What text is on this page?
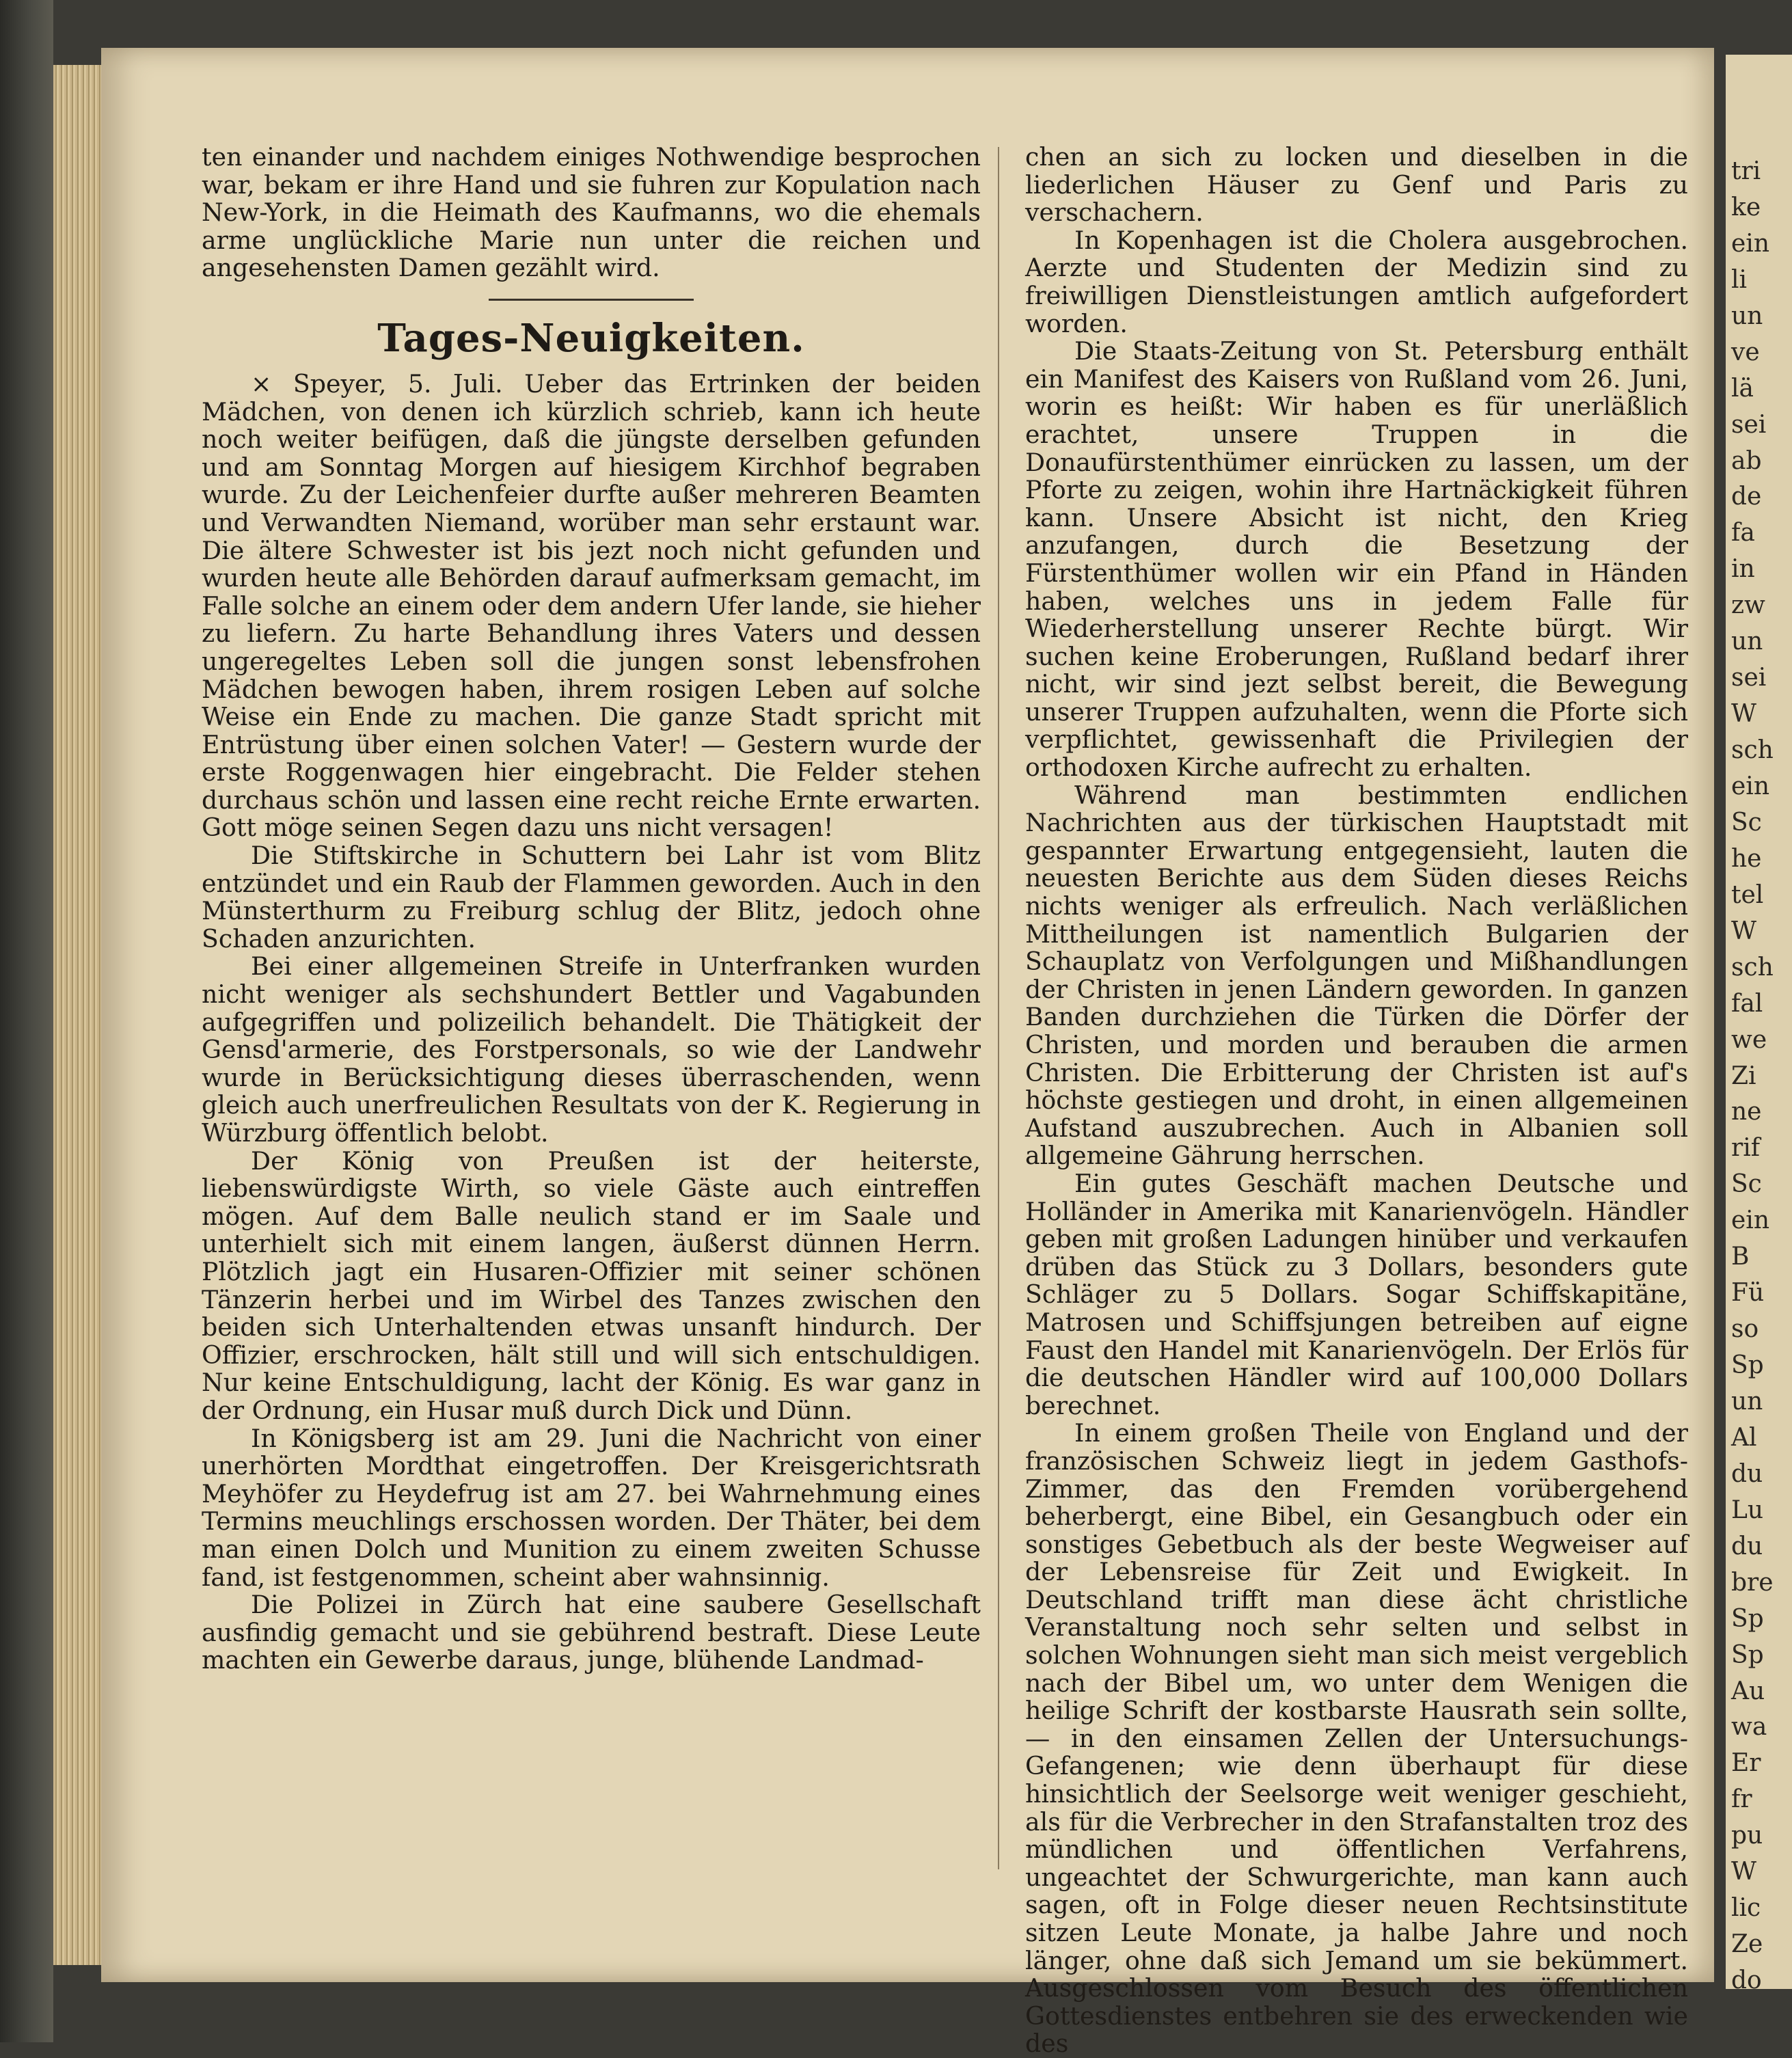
ten einander und nachdem einiges Nothwendige besprochen war, bekam er ihre Hand und sie fuhren zur Kopulation nach New-York, in die Heimath des Kaufmanns, wo die ehemals arme unglückliche Marie nun unter die reichen und angesehensten Damen gezählt wird.

Tages-Neuigkeiten.

× Speyer, 5. Juli. Ueber das Ertrinken der beiden Mädchen, von denen ich kürzlich schrieb, kann ich heute noch weiter beifügen, daß die jüngste derselben gefunden und am Sonntag Morgen auf hiesigem Kirchhof begraben wurde. Zu der Leichenfeier durfte außer mehreren Beamten und Verwandten Niemand, worüber man sehr erstaunt war. Die ältere Schwester ist bis jezt noch nicht gefunden und wurden heute alle Behörden darauf aufmerksam gemacht, im Falle solche an einem oder dem andern Ufer lande, sie hieher zu liefern. Zu harte Behandlung ihres Vaters und dessen ungeregeltes Leben soll die jungen sonst lebensfrohen Mädchen bewogen haben, ihrem rosigen Leben auf solche Weise ein Ende zu machen. Die ganze Stadt spricht mit Entrüstung über einen solchen Vater! — Gestern wurde der erste Roggenwagen hier eingebracht. Die Felder stehen durchaus schön und lassen eine recht reiche Ernte erwarten. Gott möge seinen Segen dazu uns nicht versagen!

Die Stiftskirche in Schuttern bei Lahr ist vom Blitz entzündet und ein Raub der Flammen geworden. Auch in den Münsterthurm zu Freiburg schlug der Blitz, jedoch ohne Schaden anzurichten.

Bei einer allgemeinen Streife in Unterfranken wurden nicht weniger als sechshundert Bettler und Vagabunden aufgegriffen und polizeilich behandelt. Die Thätigkeit der Gensd'armerie, des Forstpersonals, so wie der Landwehr wurde in Berücksichtigung dieses überraschenden, wenn gleich auch unerfreulichen Resultats von der K. Regierung in Würzburg öffentlich belobt.

Der König von Preußen ist der heiterste, liebenswürdigste Wirth, so viele Gäste auch eintreffen mögen. Auf dem Balle neulich stand er im Saale und unterhielt sich mit einem langen, äußerst dünnen Herrn. Plötzlich jagt ein Husaren-Offizier mit seiner schönen Tänzerin herbei und im Wirbel des Tanzes zwischen den beiden sich Unterhaltenden etwas unsanft hindurch. Der Offizier, erschrocken, hält still und will sich entschuldigen. Nur keine Entschuldigung, lacht der König. Es war ganz in der Ordnung, ein Husar muß durch Dick und Dünn.

In Königsberg ist am 29. Juni die Nachricht von einer unerhörten Mordthat eingetroffen. Der Kreisgerichtsrath Meyhöfer zu Heydefrug ist am 27. bei Wahrnehmung eines Termins meuchlings erschossen worden. Der Thäter, bei dem man einen Dolch und Munition zu einem zweiten Schusse fand, ist festgenommen, scheint aber wahnsinnig.

Die Polizei in Zürch hat eine saubere Gesellschaft ausfindig gemacht und sie gebührend bestraft. Diese Leute machten ein Gewerbe daraus, junge, blühende Landmad-

chen an sich zu locken und dieselben in die liederlichen Häuser zu Genf und Paris zu verschachern.

In Kopenhagen ist die Cholera ausgebrochen. Aerzte und Studenten der Medizin sind zu freiwilligen Dienstleistungen amtlich aufgefordert worden.

Die Staats-Zeitung von St. Petersburg enthält ein Manifest des Kaisers von Rußland vom 26. Juni, worin es heißt: Wir haben es für unerläßlich erachtet, unsere Truppen in die Donaufürstenthümer einrücken zu lassen, um der Pforte zu zeigen, wohin ihre Hartnäckigkeit führen kann. Unsere Absicht ist nicht, den Krieg anzufangen, durch die Besetzung der Fürstenthümer wollen wir ein Pfand in Händen haben, welches uns in jedem Falle für Wiederherstellung unserer Rechte bürgt. Wir suchen keine Eroberungen, Rußland bedarf ihrer nicht, wir sind jezt selbst bereit, die Bewegung unserer Truppen aufzuhalten, wenn die Pforte sich verpflichtet, gewissenhaft die Privilegien der orthodoxen Kirche aufrecht zu erhalten.

Während man bestimmten endlichen Nachrichten aus der türkischen Hauptstadt mit gespannter Erwartung entgegensieht, lauten die neuesten Berichte aus dem Süden dieses Reichs nichts weniger als erfreulich. Nach verläßlichen Mittheilungen ist namentlich Bulgarien der Schauplatz von Verfolgungen und Mißhandlungen der Christen in jenen Ländern geworden. In ganzen Banden durchziehen die Türken die Dörfer der Christen, und morden und berauben die armen Christen. Die Erbitterung der Christen ist auf's höchste gestiegen und droht, in einen allgemeinen Aufstand auszubrechen. Auch in Albanien soll allgemeine Gährung herrschen.

Ein gutes Geschäft machen Deutsche und Holländer in Amerika mit Kanarienvögeln. Händler geben mit großen Ladungen hinüber und verkaufen drüben das Stück zu 3 Dollars, besonders gute Schläger zu 5 Dollars. Sogar Schiffskapitäne, Matrosen und Schiffsjungen betreiben auf eigne Faust den Handel mit Kanarienvögeln. Der Erlös für die deutschen Händler wird auf 100,000 Dollars berechnet.

In einem großen Theile von England und der französischen Schweiz liegt in jedem Gasthofs-Zimmer, das den Fremden vorübergehend beherbergt, eine Bibel, ein Gesangbuch oder ein sonstiges Gebetbuch als der beste Wegweiser auf der Lebensreise für Zeit und Ewigkeit. In Deutschland trifft man diese ächt christliche Veranstaltung noch sehr selten und selbst in solchen Wohnungen sieht man sich meist vergeblich nach der Bibel um, wo unter dem Wenigen die heilige Schrift der kostbarste Hausrath sein sollte, — in den einsamen Zellen der Untersuchungs-Gefangenen; wie denn überhaupt für diese hinsichtlich der Seelsorge weit weniger geschieht, als für die Verbrecher in den Strafanstalten troz des mündlichen und öffentlichen Verfahrens, ungeachtet der Schwurgerichte, man kann auch sagen, oft in Folge dieser neuen Rechtsinstitute sitzen Leute Monate, ja halbe Jahre und noch länger, ohne daß sich Jemand um sie bekümmert. Ausgeschlossen vom Besuch des öffentlichen Gottesdienstes entbehren sie des erweckenden wie des

tri
ke
ein
li
un
ve
lä
sei
ab
de
fa
in
zw
un
sei
W
sch
ein
Sc
he
tel
W
sch
fal
we
Zi
ne
rif
Sc
ein
B
Fü
so
Sp
un
Al
du
Lu
du
bre
Sp
Sp
Au
wa
Er
fr
pu
W
lic
Ze
do
